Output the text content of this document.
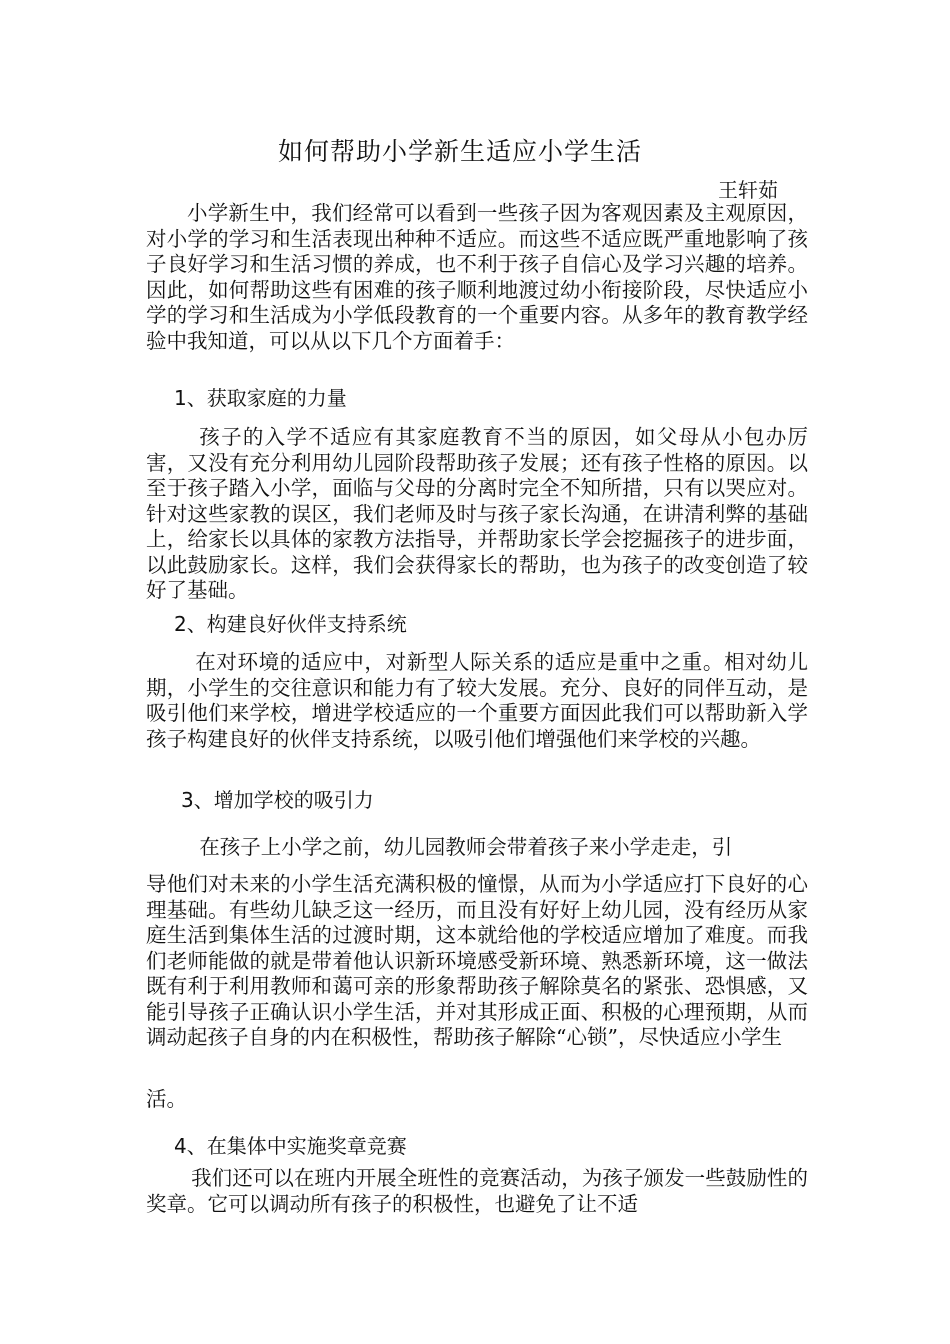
如何帮助小学新生适应小学生活
王轩茹

小学新生中，我们经常可以看到一些孩子因为客观因素及主观原因，对小学的学习和生活表现出种种不适应。而这些不适应既严重地影响了孩子良好学习和生活习惯的养成，也不利于孩子自信心及学习兴趣的培养。因此，如何帮助这些有困难的孩子顺利地渡过幼小衔接阶段，尽快适应小学的学习和生活成为小学低段教育的一个重要内容。从多年的教育教学经验中我知道，可以从以下几个方面着手：

1、获取家庭的力量

孩子的入学不适应有其家庭教育不当的原因，如父母从小包办厉害，又没有充分利用幼儿园阶段帮助孩子发展；还有孩子性格的原因。以至于孩子踏入小学，面临与父母的分离时完全不知所措，只有以哭应对。针对这些家教的误区，我们老师及时与孩子家长沟通，在讲清利弊的基础上，给家长以具体的家教方法指导，并帮助家长学会挖掘孩子的进步面，以此鼓励家长。这样，我们会获得家长的帮助，也为孩子的改变创造了较好了基础。

2、构建良好伙伴支持系统

在对环境的适应中，对新型人际关系的适应是重中之重。相对幼儿期，小学生的交往意识和能力有了较大发展。充分、良好的同伴互动，是吸引他们来学校，增进学校适应的一个重要方面因此我们可以帮助新入学孩子构建良好的伙伴支持系统，以吸引他们增强他们来学校的兴趣。

3、增加学校的吸引力

在孩子上小学之前，幼儿园教师会带着孩子来小学走走，引

导他们对未来的小学生活充满积极的憧憬，从而为小学适应打下良好的心理基础。有些幼儿缺乏这一经历，而且没有好好上幼儿园，没有经历从家庭生活到集体生活的过渡时期，这本就给他的学校适应增加了难度。而我们老师能做的就是带着他认识新环境感受新环境、熟悉新环境，这一做法既有利于利用教师和蔼可亲的形象帮助孩子解除莫名的紧张、恐惧感，又能引导孩子正确认识小学生活，并对其形成正面、积极的心理预期，从而调动起孩子自身的内在积极性，帮助孩子解除“心锁”，尽快适应小学生

活。

4、在集体中实施奖章竞赛

我们还可以在班内开展全班性的竞赛活动，为孩子颁发一些鼓励性的奖章。它可以调动所有孩子的积极性，也避免了让不适
